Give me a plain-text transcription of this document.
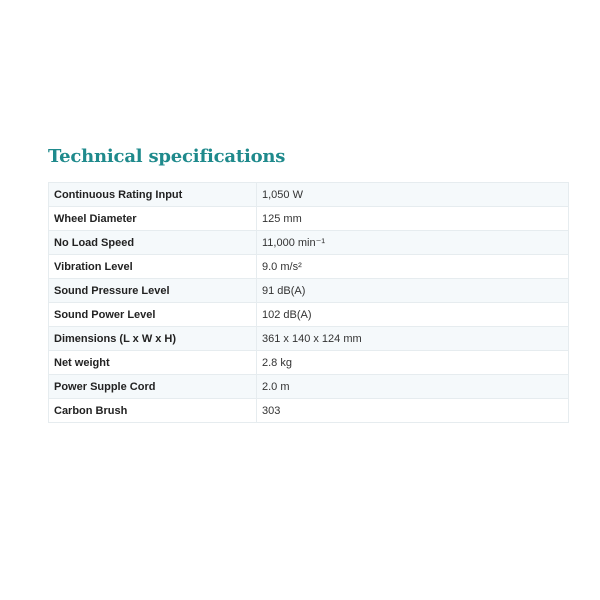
Technical specifications
Continuous Rating Input	1,050 W
Wheel Diameter	125 mm
No Load Speed	11,000 min⁻¹
Vibration Level	9.0 m/s²
Sound Pressure Level	91 dB(A)
Sound Power Level	102 dB(A)
Dimensions (L x W x H)	361 x 140 x 124 mm
Net weight	2.8 kg
Power Supple Cord	2.0 m
Carbon Brush	303
